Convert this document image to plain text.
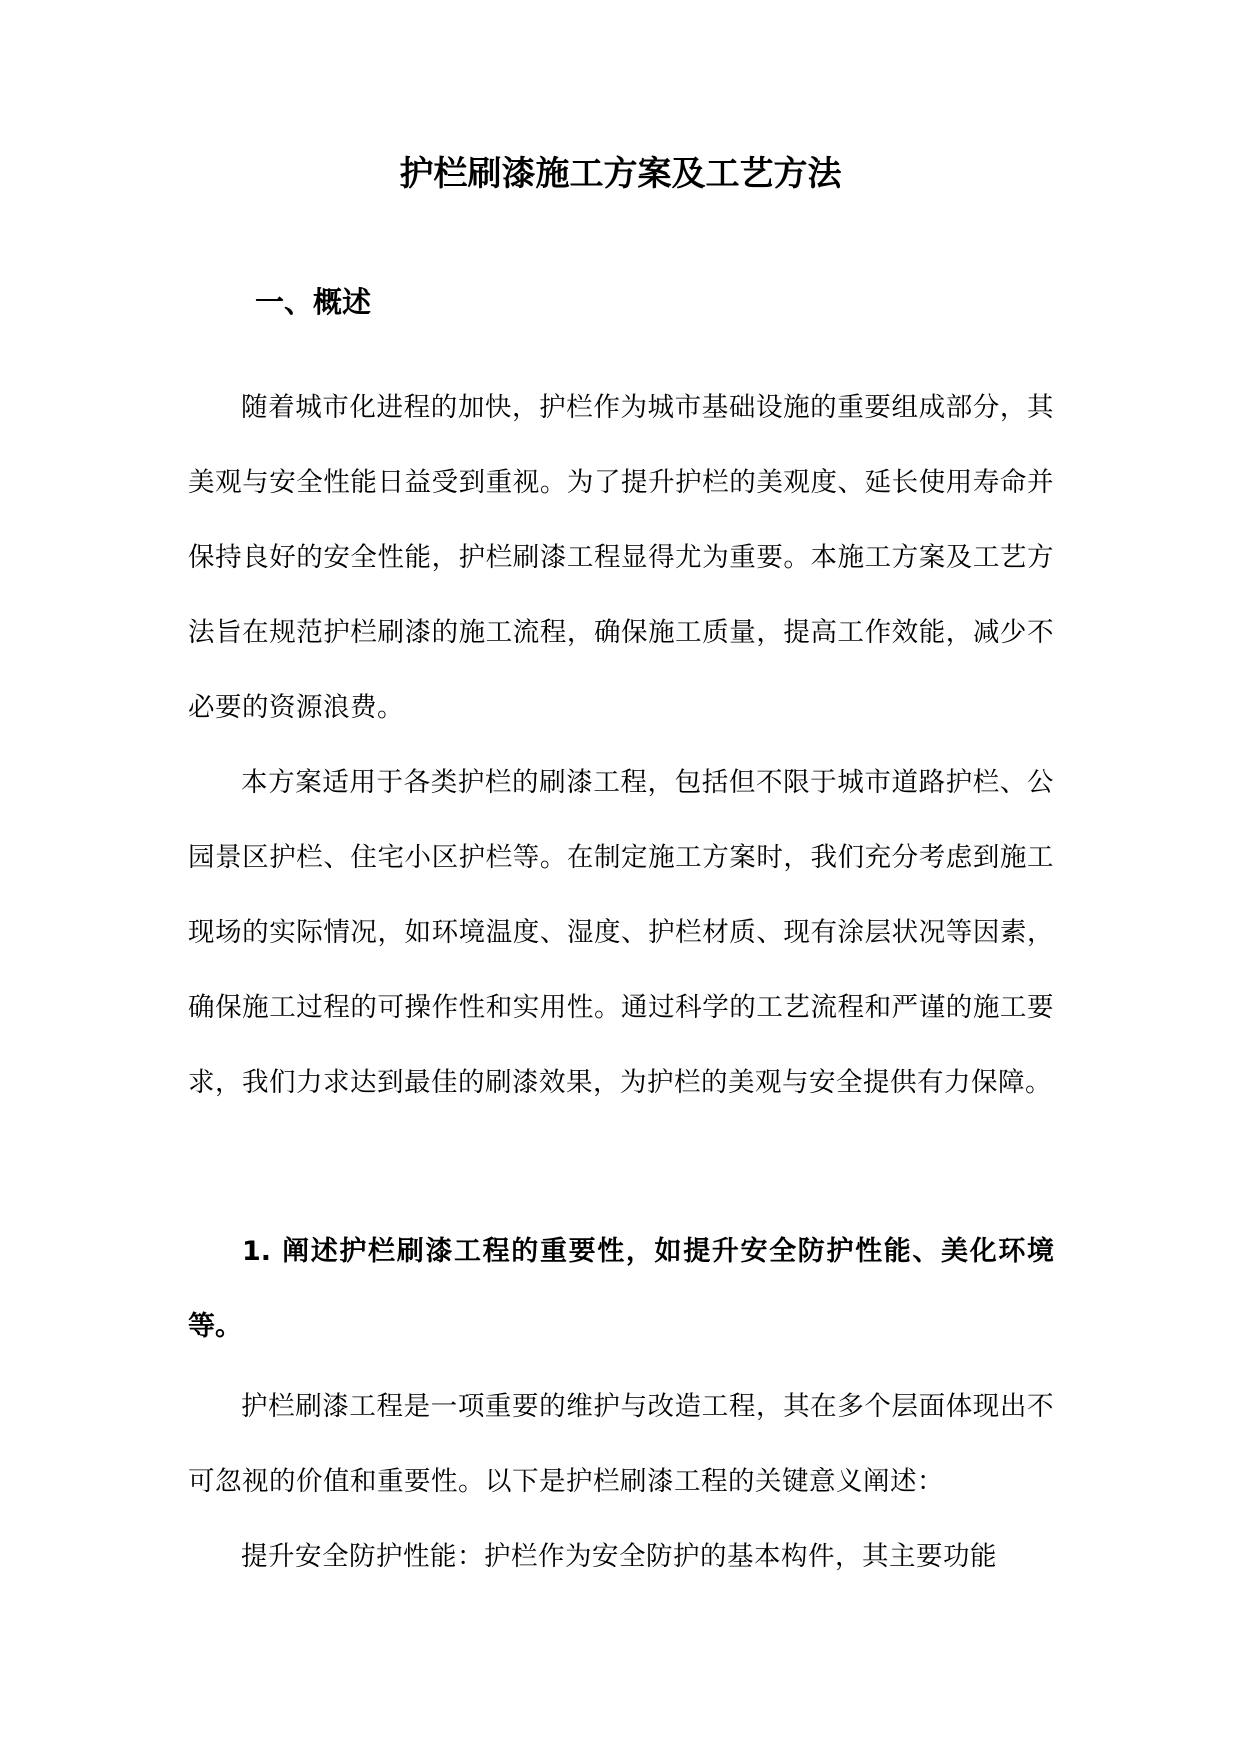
护栏刷漆施工方案及工艺方法
一、概述

随着城市化进程的加快，护栏作为城市基础设施的重要组成部分，其美观与安全性能日益受到重视。为了提升护栏的美观度、延长使用寿命并保持良好的安全性能，护栏刷漆工程显得尤为重要。本施工方案及工艺方法旨在规范护栏刷漆的施工流程，确保施工质量，提高工作效能，减少不必要的资源浪费。

本方案适用于各类护栏的刷漆工程，包括但不限于城市道路护栏、公园景区护栏、住宅小区护栏等。在制定施工方案时，我们充分考虑到施工现场的实际情况，如环境温度、湿度、护栏材质、现有涂层状况等因素，确保施工过程的可操作性和实用性。通过科学的工艺流程和严谨的施工要求，我们力求达到最佳的刷漆效果，为护栏的美观与安全提供有力保障。

1. 阐述护栏刷漆工程的重要性，如提升安全防护性能、美化环境等。

护栏刷漆工程是一项重要的维护与改造工程，其在多个层面体现出不可忽视的价值和重要性。以下是护栏刷漆工程的关键意义阐述：

提升安全防护性能：护栏作为安全防护的基本构件，其主要功能
